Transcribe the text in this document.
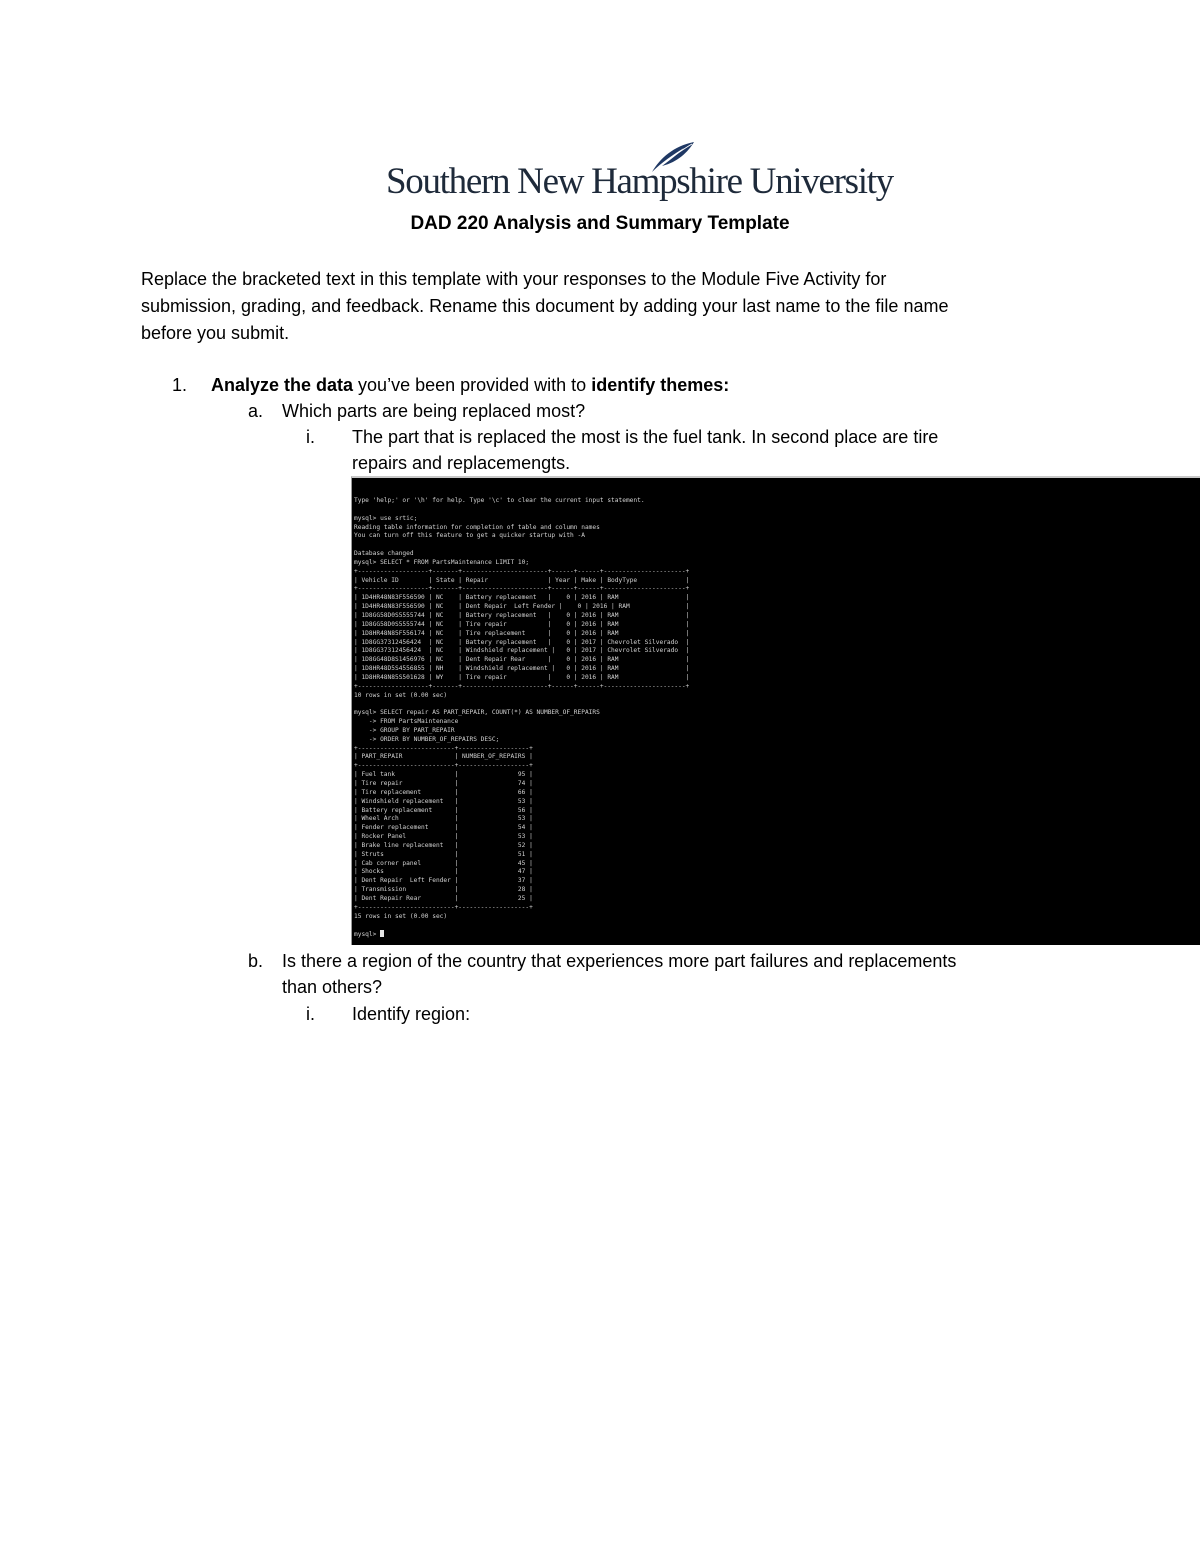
Southern New Hampshire University
DAD 220 Analysis and Summary Template

Replace the bracketed text in this template with your responses to the Module Five Activity for

submission, grading, and feedback. Rename this document by adding your last name to the file name

before you submit.

1.	Analyze the data you’ve been provided with to identify themes:
a. Which parts are being replaced most?
i. The part that is replaced the most is the fuel tank. In second place are tire
repairs and replacemengts.
Type 'help;' or '\h' for help. Type '\c' to clear the current input statement.

mysql> use srtic;
Reading table information for completion of table and column names
You can turn off this feature to get a quicker startup with -A

Database changed
mysql> SELECT * FROM PartsMaintenance LIMIT 10;
+-------------------+-------+-----------------------+------+------+----------------------+
| Vehicle ID        | State | Repair                | Year | Make | BodyType             |
+-------------------+-------+-----------------------+------+------+----------------------+
| 1D4HR48N83F556590 | NC    | Battery replacement   |    0 | 2016 | RAM                  |
| 1D4HR48N83F556590 | NC    | Dent Repair  Left Fender |    0 | 2016 | RAM               |
| 1D8GG58D0S5555744 | NC    | Battery replacement   |    0 | 2016 | RAM                  |
| 1D8GG58D0S5555744 | NC    | Tire repair           |    0 | 2016 | RAM                  |
| 1D8HR48N85F556174 | NC    | Tire replacement      |    0 | 2016 | RAM                  |
| 1D8GG37312456424  | NC    | Battery replacement   |    0 | 2017 | Chevrolet Silverado  |
| 1D8GG37312456424  | NC    | Windshield replacement |   0 | 2017 | Chevrolet Silverado  |
| 1D8GG48D8S1456976 | NC    | Dent Repair Rear      |    0 | 2016 | RAM                  |
| 1D8HR48D5S4556855 | NH    | Windshield replacement |   0 | 2016 | RAM                  |
| 1D8HR48N85S501628 | WY    | Tire repair           |    0 | 2016 | RAM                  |
+-------------------+-------+-----------------------+------+------+----------------------+
10 rows in set (0.00 sec)

mysql> SELECT repair AS PART_REPAIR, COUNT(*) AS NUMBER_OF_REPAIRS
-> FROM PartsMaintenance
-> GROUP BY PART_REPAIR
-> ORDER BY NUMBER_OF_REPAIRS DESC;
+--------------------------+-------------------+
| PART_REPAIR              | NUMBER_OF_REPAIRS |
+--------------------------+-------------------+
| Fuel tank                |                95 |
| Tire repair              |                74 |
| Tire replacement         |                66 |
| Windshield replacement   |                53 |
| Battery replacement      |                56 |
| Wheel Arch               |                53 |
| Fender replacement       |                54 |
| Rocker Panel             |                53 |
| Brake line replacement   |                52 |
| Struts                   |                51 |
| Cab corner panel         |                45 |
| Shocks                   |                47 |
| Dent Repair  Left Fender |                37 |
| Transmission             |                28 |
| Dent Repair Rear         |                25 |
+--------------------------+-------------------+
15 rows in set (0.00 sec)

mysql>
b. Is there a region of the country that experiences more part failures and replacements
than others?
i. Identify region:
